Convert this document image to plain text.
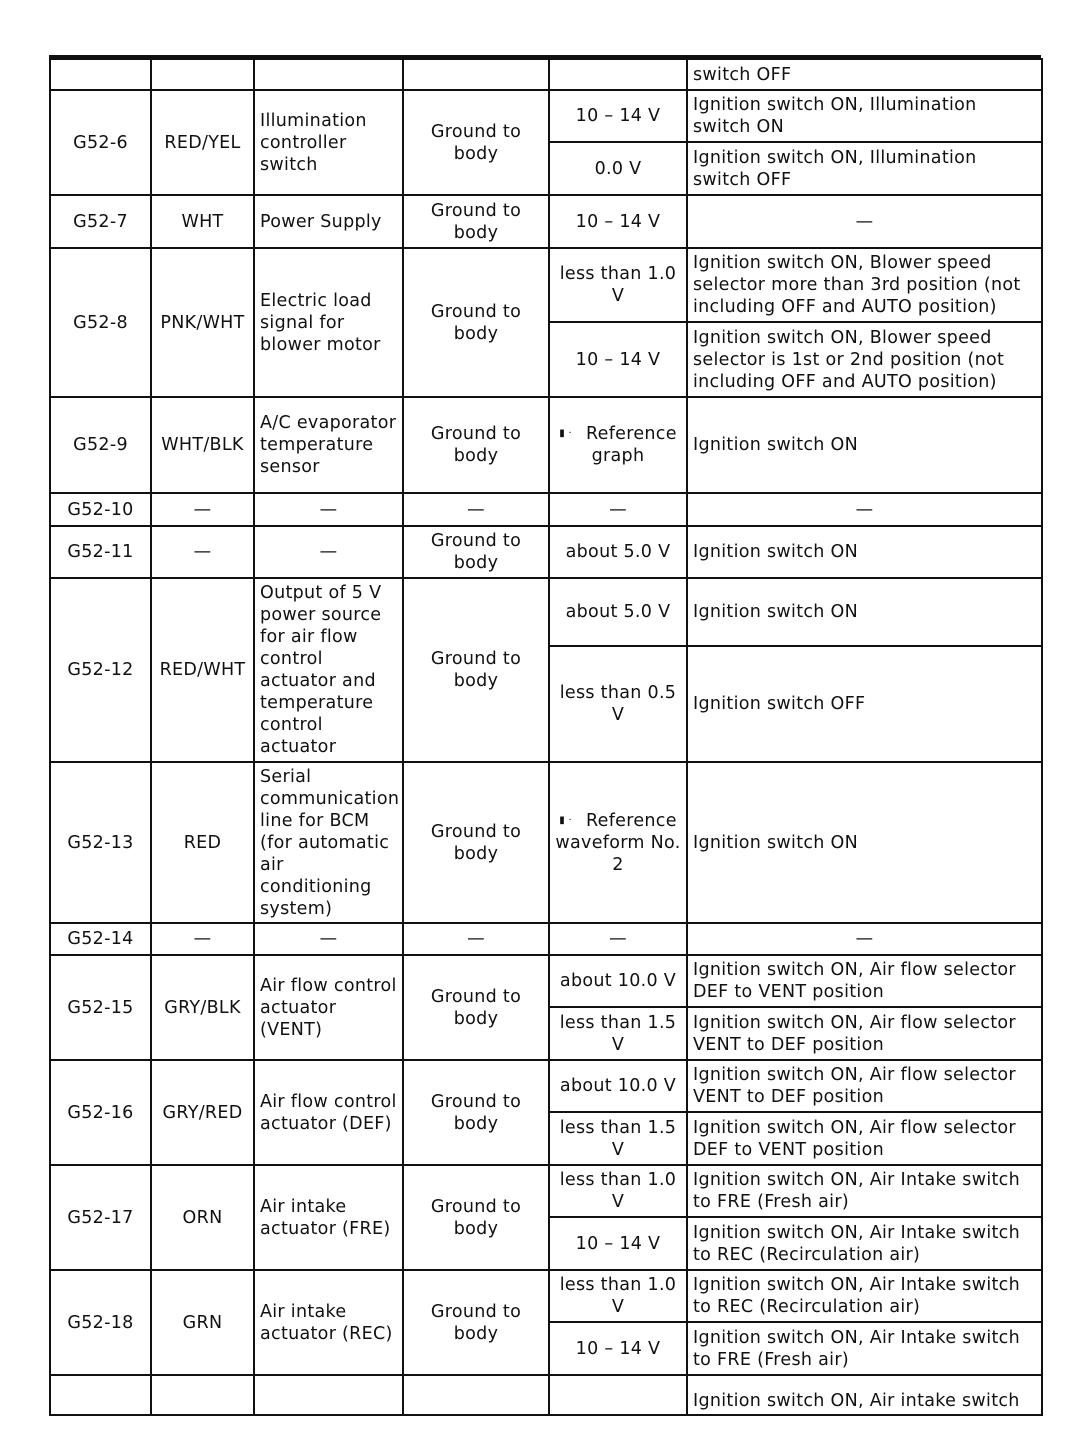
					switch OFF
G52-6	RED/YEL	Illumination controller switch	Ground to body	10 – 14 V	Ignition switch ON, Illumination switch ON
				0.0 V	Ignition switch ON, Illumination switch OFF
G52-7	WHT	Power Supply	Ground to body	10 – 14 V	—
G52-8	PNK/WHT	Electric load signal for blower motor	Ground to body	less than 1.0 V	Ignition switch ON, Blower speed selector more than 3rd position (not including OFF and AUTO position)
				10 – 14 V	Ignition switch ON, Blower speed selector is 1st or 2nd position (not including OFF and AUTO position)
G52-9	WHT/BLK	A/C evaporator temperature sensor	Ground to body	▮ · Reference graph	Ignition switch ON
G52-10	—	—	—	—	—
G52-11	—	—	Ground to body	about 5.0 V	Ignition switch ON
G52-12	RED/WHT	Output of 5 V power source for air flow control actuator and temperature control actuator	Ground to body	about 5.0 V	Ignition switch ON
				less than 0.5 V	Ignition switch OFF
G52-13	RED	Serial communication line for BCM (for automatic air conditioning system)	Ground to body	▮ · Reference waveform No. 2	Ignition switch ON
G52-14	—	—	—	—	—
G52-15	GRY/BLK	Air flow control actuator (VENT)	Ground to body	about 10.0 V	Ignition switch ON, Air flow selector DEF to VENT position
				less than 1.5 V	Ignition switch ON, Air flow selector VENT to DEF position
G52-16	GRY/RED	Air flow control actuator (DEF)	Ground to body	about 10.0 V	Ignition switch ON, Air flow selector VENT to DEF position
				less than 1.5 V	Ignition switch ON, Air flow selector DEF to VENT position
G52-17	ORN	Air intake actuator (FRE)	Ground to body	less than 1.0 V	Ignition switch ON, Air Intake switch to FRE (Fresh air)
				10 – 14 V	Ignition switch ON, Air Intake switch to REC (Recirculation air)
G52-18	GRN	Air intake actuator (REC)	Ground to body	less than 1.0 V	Ignition switch ON, Air Intake switch to REC (Recirculation air)
				10 – 14 V	Ignition switch ON, Air Intake switch to FRE (Fresh air)
					Ignition switch ON, Air intake switch
